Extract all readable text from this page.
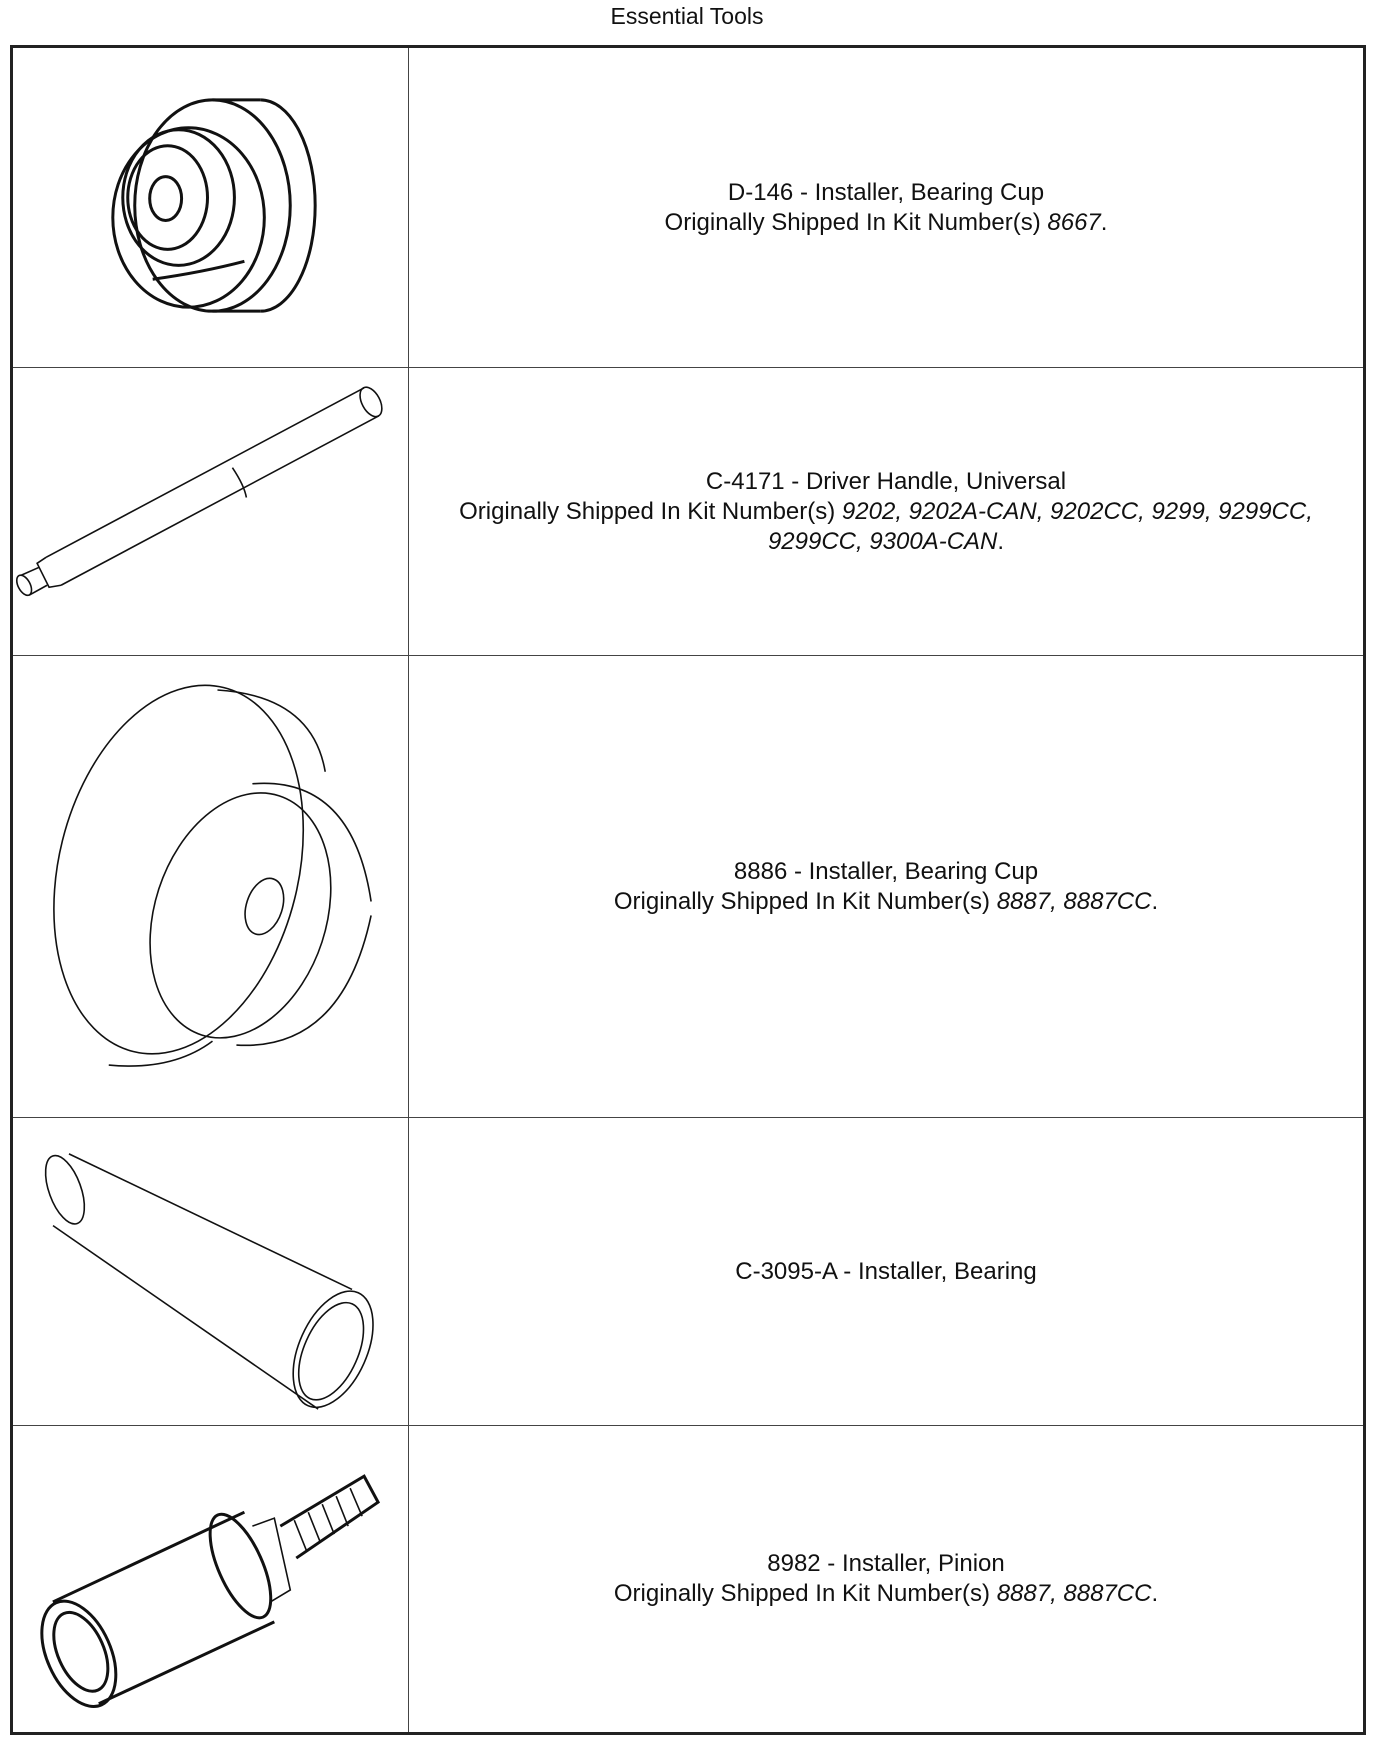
Essential Tools
D-146 - Installer, Bearing Cup
Originally Shipped In Kit Number(s) 8667.
C-4171 - Driver Handle, Universal
Originally Shipped In Kit Number(s) 9202, 9202A-CAN, 9202CC, 9299, 9299CC, 9299CC, 9300A-CAN.
8886 - Installer, Bearing Cup
Originally Shipped In Kit Number(s) 8887, 8887CC.
C-3095-A - Installer, Bearing
8982 - Installer, Pinion
Originally Shipped In Kit Number(s) 8887, 8887CC.
